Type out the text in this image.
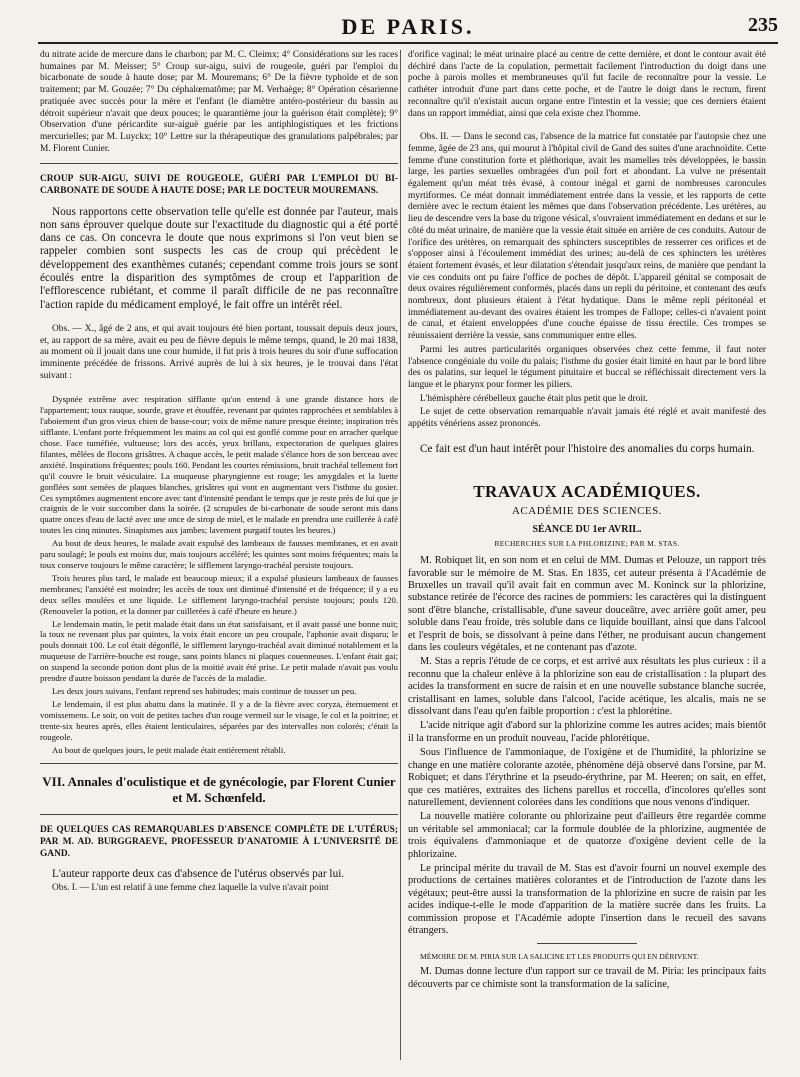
DE PARIS.	235

du nitrate acide de mercure dans le charbon; par M. C. Cleimx; 4° Considérations sur les races humaines par M. Meisser; 5° Croup sur-aigu, suivi de rougeole, guéri par l'emploi du bicarbonate de soude à haute dose; par M. Mouremans; 6° De la fièvre typhoïde et de son traitement; par M. Gouzée; 7° Du céphalœmatôme; par M. Verhaège; 8° Opération césarienne pratiquée avec succès pour la mère et l'enfant (le diamètre antéro-postérieur du bassin au détroit supérieur n'avait que deux pouces; le quarantième jour la guérison était complète); 9° Observation d'une péricardite sur-aiguë guérie par les antiphlogistiques et les frictions mercurielles; par M. Luyckx; 10° Lettre sur la thérapeutique des granulations palpébrales; par M. Florent Cunier.

CROUP SUR-AIGU, SUIVI DE ROUGEOLE, GUÉRI PAR L'EMPLOI DU BI-CARBONATE DE SOUDE À HAUTE DOSE; PAR LE DOCTEUR MOUREMANS.

Nous rapportons cette observation telle qu'elle est donnée par l'auteur, mais non sans éprouver quelque doute sur l'exactitude du diagnostic qui a été porté dans ce cas. On concevra le doute que nous exprimons si l'on veut bien se rappeler combien sont suspects les cas de croup qui précèdent le développement des exanthèmes cutanés; cependant comme trois jours se sont écoulés entre la disparition des symptômes de croup et l'apparition de l'efflorescence rubiétant, et comme il paraît difficile de ne pas reconnaître l'action rapide du médicament employé, le fait offre un intérêt réel.

Obs. — X., âgé de 2 ans, et qui avait toujours été bien portant, toussait depuis deux jours, et, au rapport de sa mère, avait eu peu de fièvre depuis le même temps, quand, le 20 mai 1838, au moment où il jouait dans une cour humide, il fut pris à trois heures du soir d'une suffocation imminente précédée de frissons. Arrivé auprès de lui à six heures, je le trouvai dans l'état suivant :

Dyspnée extrême avec respiration sifflante qu'on entend à une grande distance hors de l'appartement; toux rauque, sourde, grave et étouffée, revenant par quintes rapprochées et semblables à l'aboiement d'un gros vieux chien de basse-cour; voix de même nature presque éteinte; inspiration très sifflante. L'enfant porte fréquemment les mains au col qui est gonflé comme pour en arracher quelque chose. Face tuméfiée, vultueuse; lors des accès, yeux brillans, expectoration de quelques glaires filantes, mêlées de flocons grisâtres. A chaque accès, le petit malade s'élance hors de son berceau avec anxiété. Inspirations fréquentes; pouls 160. Pendant les courtes rémissions, bruit trachéal tellement fort qu'il couvre le bruit vésiculaire. La muqueuse pharyngienne est rouge; les amygdales et la luette gonflées sont semées de plaques blanches, grisâtres qui vont en augmentant vers l'isthme du gosier. Ces symptômes augmentent encore avec tant d'intensité pendant le temps que je reste près de lui que je craignis de le voir succomber dans la soirée. (2 scrupules de bi-carbonate de soude seront mis dans quatre onces d'eau de lacté avec une once de sirop de miel, et le malade en prendra une cuillerée à café toutes les cinq minutes. Sinapismes aux jambes; lavement purgatif toutes les heures.)

Au bout de deux heures, le malade avait expulsé des lambeaux de fausses membranes, et en avait paru soulagé; le pouls est moins dur, mais toujours accéléré; les quintes sont moins fréquentes; mais la toux conserve toujours le même caractère; le sifflement laryngo-trachéal persiste toujours.

Trois heures plus tard, le malade est beaucoup mieux; il a expulsé plusieurs lambeaux de fausses membranes; l'anxiété est moindre; les accès de toux ont diminué d'intensité et de fréquence; il y a eu deux selles moulées et une liquide. Le sifflement laryngo-trachéal persiste toujours; pouls 120. (Renouveler la potion, et la donner par cuillerées à café d'heure en heure.)

Le lendemain matin, le petit malade était dans un état satisfaisant, et il avait passé une bonne nuit; la toux ne revenant plus par quintes, la voix était encore un peu croupale, l'aphonie avait disparu; le pouls donnait 100. Le col était dégonflé, le sifflement laryngo-trachéal avait diminué notablement et la muqueuse de l'arrière-bouche est rouge, sans points blancs ni plaques couenneuses. L'enfant était gai; on suspend la seconde potion dont plus de la moitié avait été prise. Le petit malade n'avait pas voulu prendre d'autre boisson pendant la durée de l'accès de la maladie.

Les deux jours suivans, l'enfant reprend ses habitudes; mais continue de tousser un peu.

Le lendemain, il est plus abattu dans la matinée. Il y a de la fièvre avec coryza, éternuement et vomissemens. Le soir, on voit de petites taches d'un rouge vermeil sur le visage, le col et la poitrine; et trente-six heures après, elles étaient lenticulaires, séparées par des intervalles non colorés; c'était la rougeole.

Au bout de quelques jours, le petit malade était entièrement rétabli.

VII. Annales d'oculistique et de gynécologie, par Florent Cunier et M. Schœnfeld.
DE QUELQUES CAS REMARQUABLES D'ABSENCE COMPLÈTE DE L'UTÉRUS; PAR M. AD. BURGGRAEVE, PROFESSEUR D'ANATOMIE À L'UNIVERSITÉ DE GAND.

L'auteur rapporte deux cas d'absence de l'utérus observés par lui.

Obs. I. — L'un est relatif à une femme chez laquelle la vulve n'avait point

d'orifice vaginal; le méat urinaire placé au centre de cette dernière, et dont le contour avait été déchiré dans l'acte de la copulation, permettait facilement l'introduction du doigt dans une poche à parois molles et membraneuses qu'il fut facile de reconnaître pour la vessie. Le cathéter introduit d'une part dans cette poche, et de l'autre le doigt dans le rectum, firent reconnaître qu'il n'existait aucun organe entre l'intestin et la vessie; que ces derniers étaient dans un rapport immédiat, ainsi que cela existe chez l'homme.

Obs. II. — Dans le second cas, l'absence de la matrice fut constatée par l'autopsie chez une femme, âgée de 23 ans, qui mourut à l'hôpital civil de Gand des suites d'une arachnoïdite. Cette femme d'une constitution forte et pléthorique, avait les mamelles très développées, le bassin large, les parties sexuelles ombragées d'un poil fort et abondant. La vulve ne présentait également qu'un méat très évasé, à contour inégal et garni de nombreuses caroncules myrtiformes. Ce méat donnait immédiatement entrée dans la vessie, et les rapports de cette dernière avec le rectum étaient les mêmes que dans l'observation précédente. Les urétères, au lieu de descendre vers la base du trigone vésical, s'ouvraient immédiatement en dedans et sur le côté du méat urinaire, de manière que la vessie était située en arrière de ces conduits. Autour de l'orifice des urétères, on remarquait des sphincters susceptibles de resserrer ces orifices et de s'opposer ainsi à l'écoulement immédiat des urines; au-delà de ces sphincters les urétères étaient fortement évasés, et leur dilatation s'étendait jusqu'aux reins, de manière que pendant la vie ces conduits ont pu faire l'office de poches de dépôt. L'appareil génital se composait de deux ovaires régulièrement conformés, placés dans un repli du péritoine, et contenant des œufs nombreux, dont plusieurs étaient à l'état hydatique. Dans le même repli péritonéal et immédiatement au-devant des ovaires étaient les trompes de Fallope; celles-ci n'avaient point de canal, et étaient enveloppées d'une couche épaisse de tissu érectile. Ces trompes se réunissaient derrière la vessie, sans communiquer entre elles.

Parmi les autres particularités organiques observées chez cette femme, il faut noter l'absence congéniale du voile du palais; l'isthme du gosier était limité en haut par le bord libre des os palatins, sur lequel le tégument pituitaire et buccal se réfléchissait directement vers la langue et le pharynx pour former les piliers.

L'hémisphère cérébelleux gauche était plus petit que le droit.

Le sujet de cette observation remarquable n'avait jamais été réglé et avait manifesté des appétits vénériens assez prononcés.

Ce fait est d'un haut intérêt pour l'histoire des anomalies du corps humain.

TRAVAUX ACADÉMIQUES.
ACADÉMIE DES SCIENCES.
SÉANCE DU 1er AVRIL.
RECHERCHES SUR LA PHLORIZINE; PAR M. STAS.

M. Robiquet lit, en son nom et en celui de MM. Dumas et Pelouze, un rapport très favorable sur le mémoire de M. Stas. En 1835, cet auteur présenta à l'Académie de Bruxelles un travail qu'il avait fait en commun avec M. Koninck sur la phlorizine, substance retirée de l'écorce des racines de pommiers: les caractères qui la distinguent sont d'être blanche, cristallisable, d'une saveur douceâtre, avec arrière goût amer, peu soluble dans l'eau froide, très soluble dans ce liquide bouillant, ainsi que dans l'alcool et l'esprit de bois, se dissolvant à peine dans l'éther, ne produisant aucun changement dans les couleurs végétales, et ne contenant pas d'azote.

M. Stas a repris l'étude de ce corps, et est arrivé aux résultats les plus curieux : il a reconnu que la chaleur enlève à la phlorizine son eau de cristallisation : la plupart des acides la transforment en sucre de raisin et en une nouvelle substance blanche sucrée, cristallisant en lames, soluble dans l'alcool, l'acide acétique, les alcalis, mais ne se dissolvant dans l'eau qu'en faible proportion : c'est la phlorétine.

L'acide nitrique agit d'abord sur la phlorizine comme les autres acides; mais bientôt il la transforme en un produit nouveau, l'acide phlorétique.

Sous l'influence de l'ammoniaque, de l'oxigène et de l'humidité, la phlorizine se change en une matière colorante azotée, phénomène déjà observé dans l'orsine, par M. Robiquet; et dans l'érythrine et la pseudo-érythrine, par M. Heeren; on sait, en effet, que ces matières, extraites des lichens parellus et roccella, d'incolores qu'elles sont naturellement, deviennent colorées dans les conditions que nous venons d'indiquer.

La nouvelle matière colorante ou phlorizaine peut d'ailleurs être regardée comme un véritable sel ammoniacal; car la formule doublée de la phlorizine, augmentée de trois équivalens d'ammoniaque et de quatorze d'oxigène devient celle de la phlorizaine.

Le principal mérite du travail de M. Stas est d'avoir fourni un nouvel exemple des productions de certaines matières colorantes et de l'introduction de l'azote dans les végétaux; peut-être aussi la transformation de la phlorizine en sucre de raisin par les acides indique-t-elle le mode d'apparition de la matière sucrée dans les fruits. La commission propose et l'Académie adopte l'insertion dans le recueil des savans étrangers.

MÉMOIRE DE M. PIRIA SUR LA SALICINE ET LES PRODUITS QUI EN DÉRIVENT.

M. Dumas donne lecture d'un rapport sur ce travail de M. Piria: les principaux faits découverts par ce chimiste sont la transformation de la salicine,
